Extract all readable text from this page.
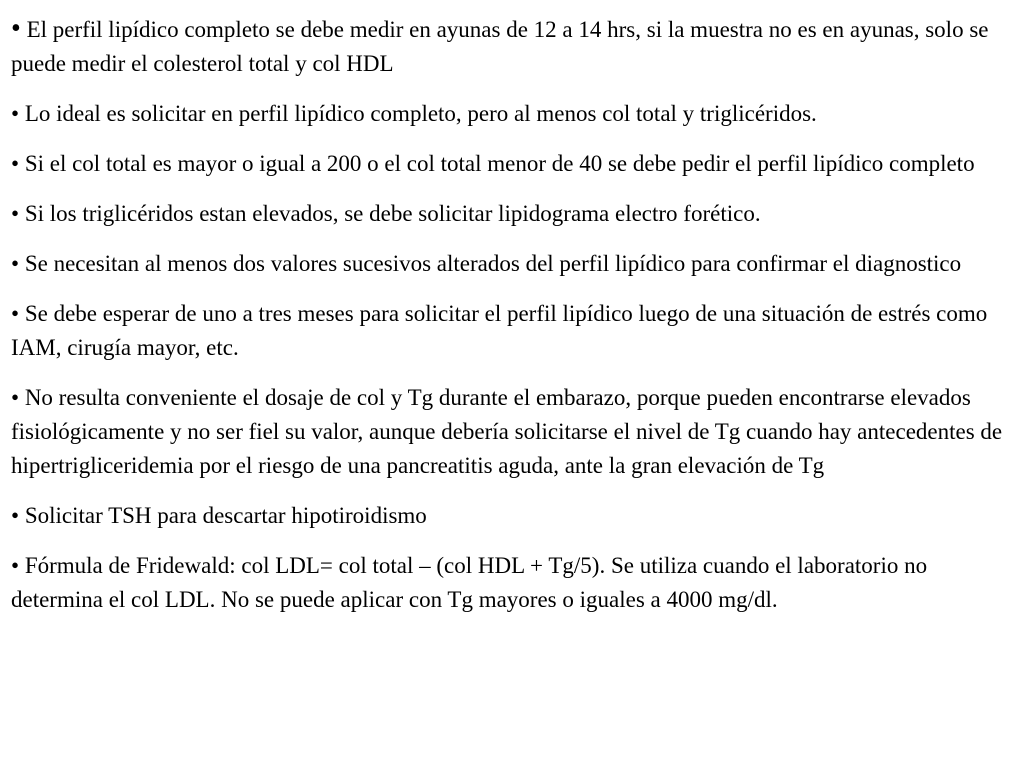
• El perfil lipídico completo se debe medir en ayunas de 12 a 14 hrs, si la muestra no es en ayunas, solo se puede medir el colesterol total y col HDL
• Lo ideal es solicitar en perfil lipídico completo, pero al menos col total y triglicéridos.
• Si el col total es mayor o igual a 200 o el col total menor de 40 se debe pedir el perfil lipídico completo
• Si los triglicéridos estan elevados, se debe solicitar lipidograma electro forético.
• Se necesitan al menos dos valores sucesivos alterados del perfil lipídico para confirmar el diagnostico
• Se debe esperar de uno a tres meses para solicitar el perfil lipídico luego de una situación de estrés como IAM, cirugía mayor, etc.
• No resulta conveniente el dosaje de col y Tg durante el embarazo, porque pueden encontrarse elevados fisiológicamente y no ser fiel su valor, aunque debería solicitarse el nivel de Tg cuando hay antecedentes de hipertrigliceridemia por el riesgo de una pancreatitis aguda, ante la gran elevación de Tg
• Solicitar TSH para descartar hipotiroidismo
• Fórmula de Fridewald: col LDL= col total – (col HDL + Tg/5). Se utiliza cuando el laboratorio no determina el col LDL. No se puede aplicar con Tg mayores o iguales a 4000 mg/dl.
